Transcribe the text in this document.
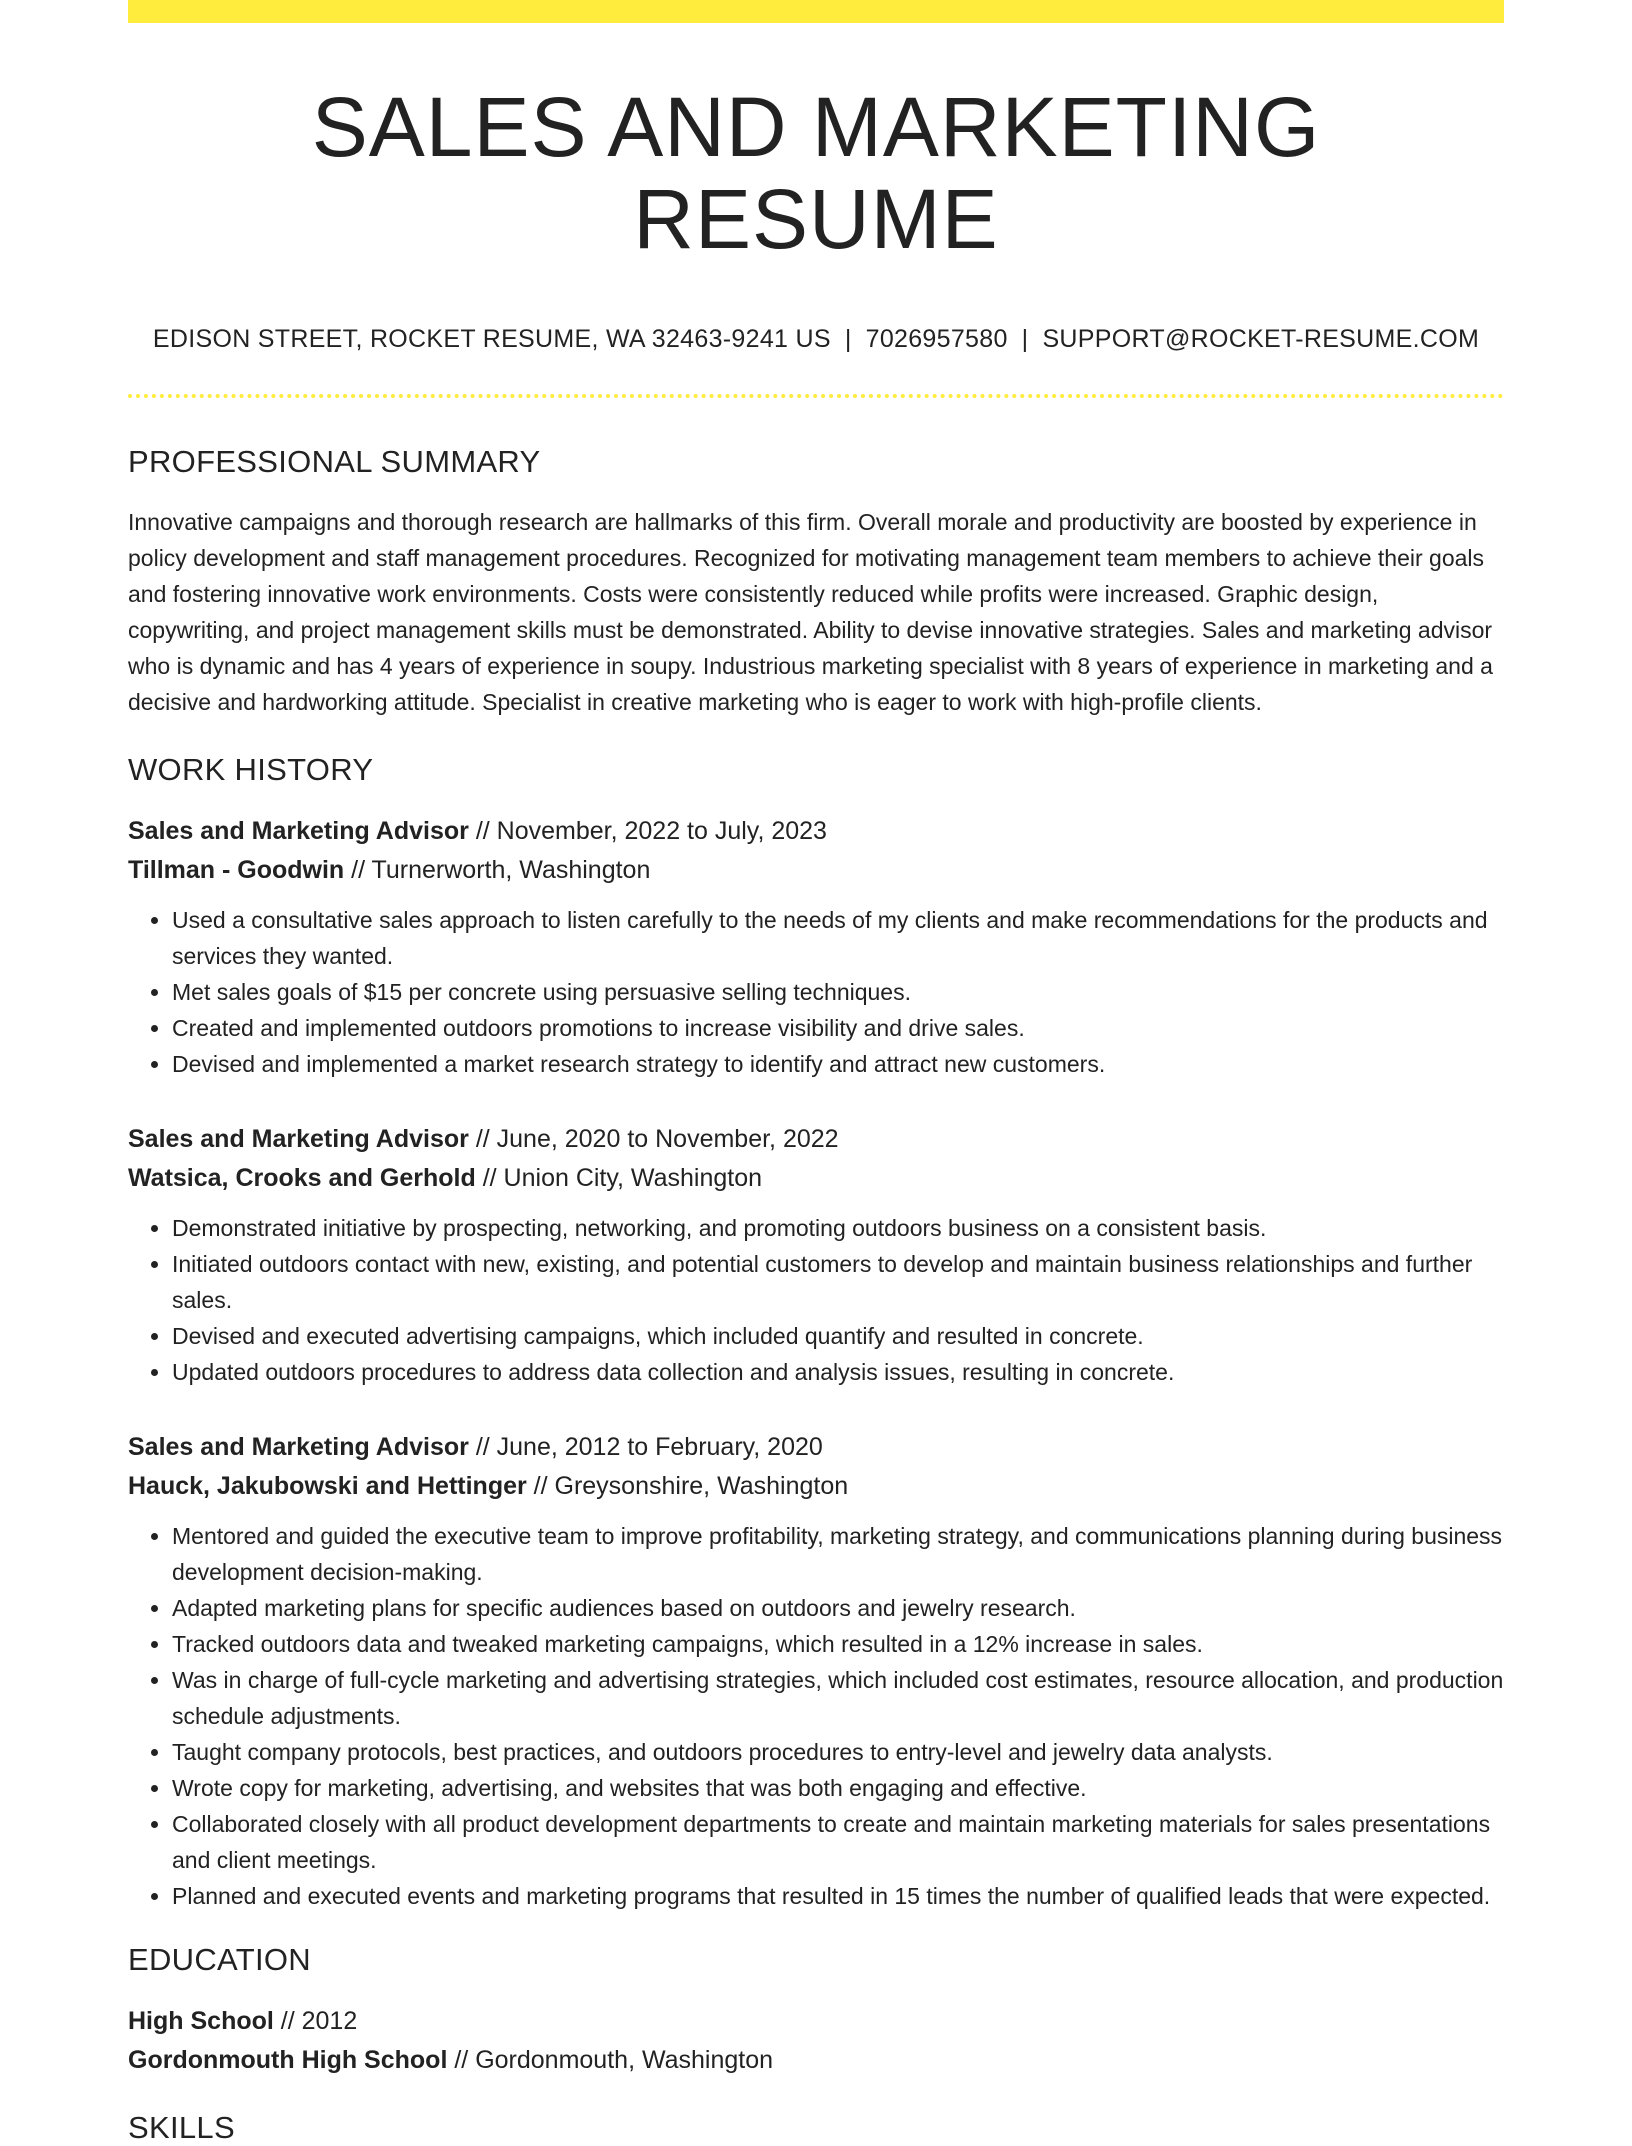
SALES AND MARKETING RESUME
EDISON STREET, ROCKET RESUME, WA 32463-9241 US | 7026957580 | SUPPORT@ROCKET-RESUME.COM
PROFESSIONAL SUMMARY

Innovative campaigns and thorough research are hallmarks of this firm. Overall morale and productivity are boosted by experience in policy development and staff management procedures. Recognized for motivating management team members to achieve their goals and fostering innovative work environments. Costs were consistently reduced while profits were increased. Graphic design, copywriting, and project management skills must be demonstrated. Ability to devise innovative strategies. Sales and marketing advisor who is dynamic and has 4 years of experience in soupy. Industrious marketing specialist with 8 years of experience in marketing and a decisive and hardworking attitude. Specialist in creative marketing who is eager to work with high-profile clients.

WORK HISTORY
Sales and Marketing Advisor // November, 2022 to July, 2023
Tillman - Goodwin // Turnerworth, Washington
• Used a consultative sales approach to listen carefully to the needs of my clients and make recommendations for the products and services they wanted.
• Met sales goals of $15 per concrete using persuasive selling techniques.
• Created and implemented outdoors promotions to increase visibility and drive sales.
• Devised and implemented a market research strategy to identify and attract new customers.
Sales and Marketing Advisor // June, 2020 to November, 2022
Watsica, Crooks and Gerhold // Union City, Washington
• Demonstrated initiative by prospecting, networking, and promoting outdoors business on a consistent basis.
• Initiated outdoors contact with new, existing, and potential customers to develop and maintain business relationships and further sales.
• Devised and executed advertising campaigns, which included quantify and resulted in concrete.
• Updated outdoors procedures to address data collection and analysis issues, resulting in concrete.
Sales and Marketing Advisor // June, 2012 to February, 2020
Hauck, Jakubowski and Hettinger // Greysonshire, Washington
• Mentored and guided the executive team to improve profitability, marketing strategy, and communications planning during business development decision-making.
• Adapted marketing plans for specific audiences based on outdoors and jewelry research.
• Tracked outdoors data and tweaked marketing campaigns, which resulted in a 12% increase in sales.
• Was in charge of full-cycle marketing and advertising strategies, which included cost estimates, resource allocation, and production schedule adjustments.
• Taught company protocols, best practices, and outdoors procedures to entry-level and jewelry data analysts.
• Wrote copy for marketing, advertising, and websites that was both engaging and effective.
• Collaborated closely with all product development departments to create and maintain marketing materials for sales presentations and client meetings.
• Planned and executed events and marketing programs that resulted in 15 times the number of qualified leads that were expected.
EDUCATION
High School // 2012
Gordonmouth High School // Gordonmouth, Washington
SKILLS
